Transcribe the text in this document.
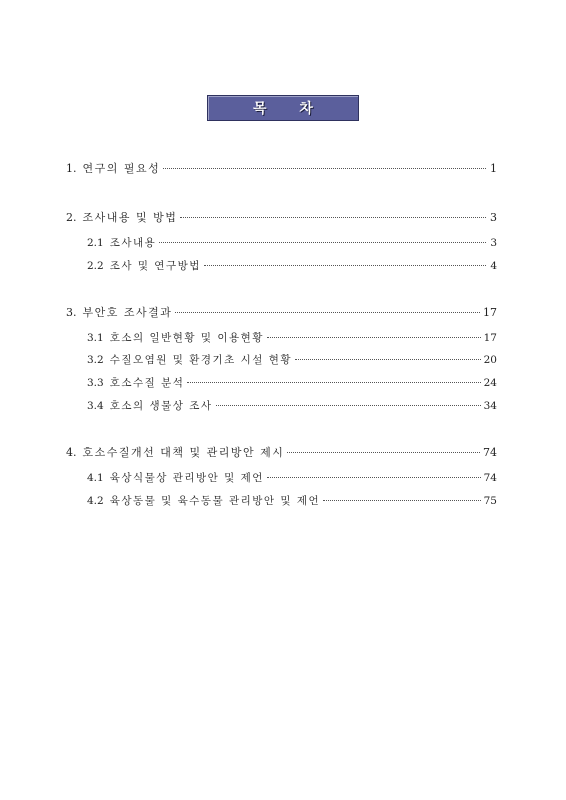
목 차
1. 연구의 필요성	1
2. 조사내용 및 방법	3
2.1 조사내용	3
2.2 조사 및 연구방법	4
3. 부안호 조사결과	17
3.1 호소의 일반현황 및 이용현황	17
3.2 수질오염원 및 환경기초 시설 현황	20
3.3 호소수질 분석	24
3.4 호소의 생물상 조사	34
4. 호소수질개선 대책 및 관리방안 제시	74
4.1 육상식물상 관리방안 및 제언	74
4.2 육상동물 및 육수동물 관리방안 및 제언	75
